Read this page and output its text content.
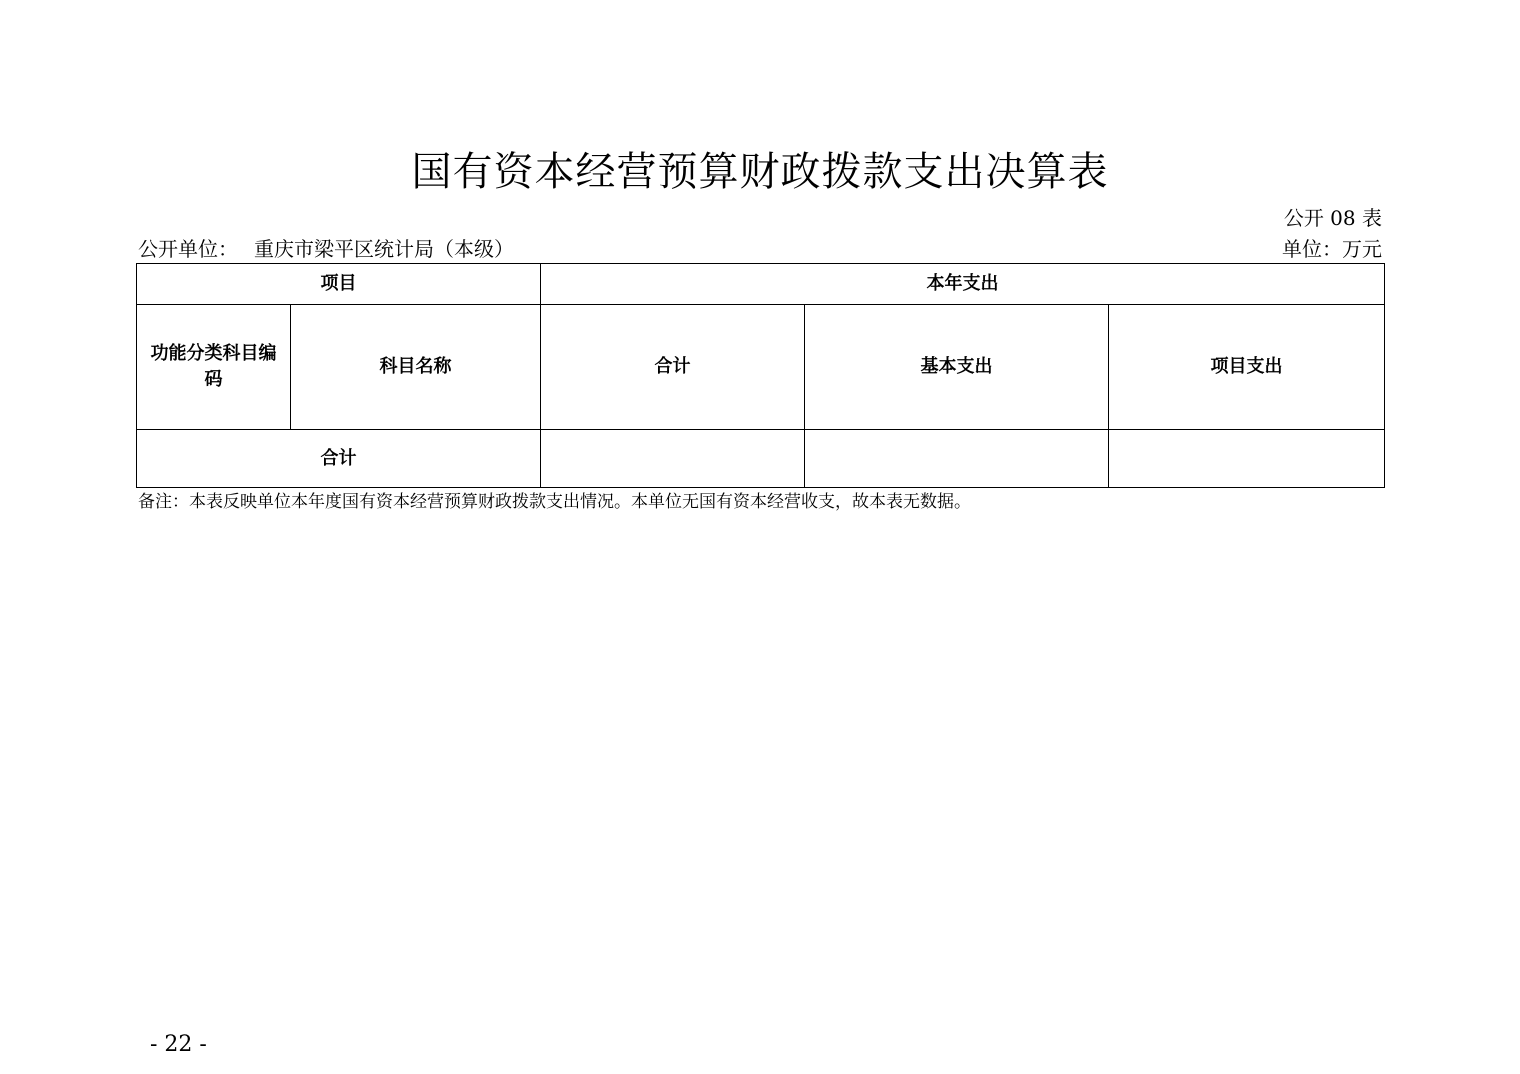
国有资本经营预算财政拨款支出决算表
公开 08 表
公开单位： 重庆市梁平区统计局（本级）	单位：万元
项目		本年支出		
功能分类科目编码	科目名称	合计	基本支出	项目支出
合计				
备注：本表反映单位本年度国有资本经营预算财政拨款支出情况。本单位无国有资本经营收支，故本表无数据。
- 22 -
